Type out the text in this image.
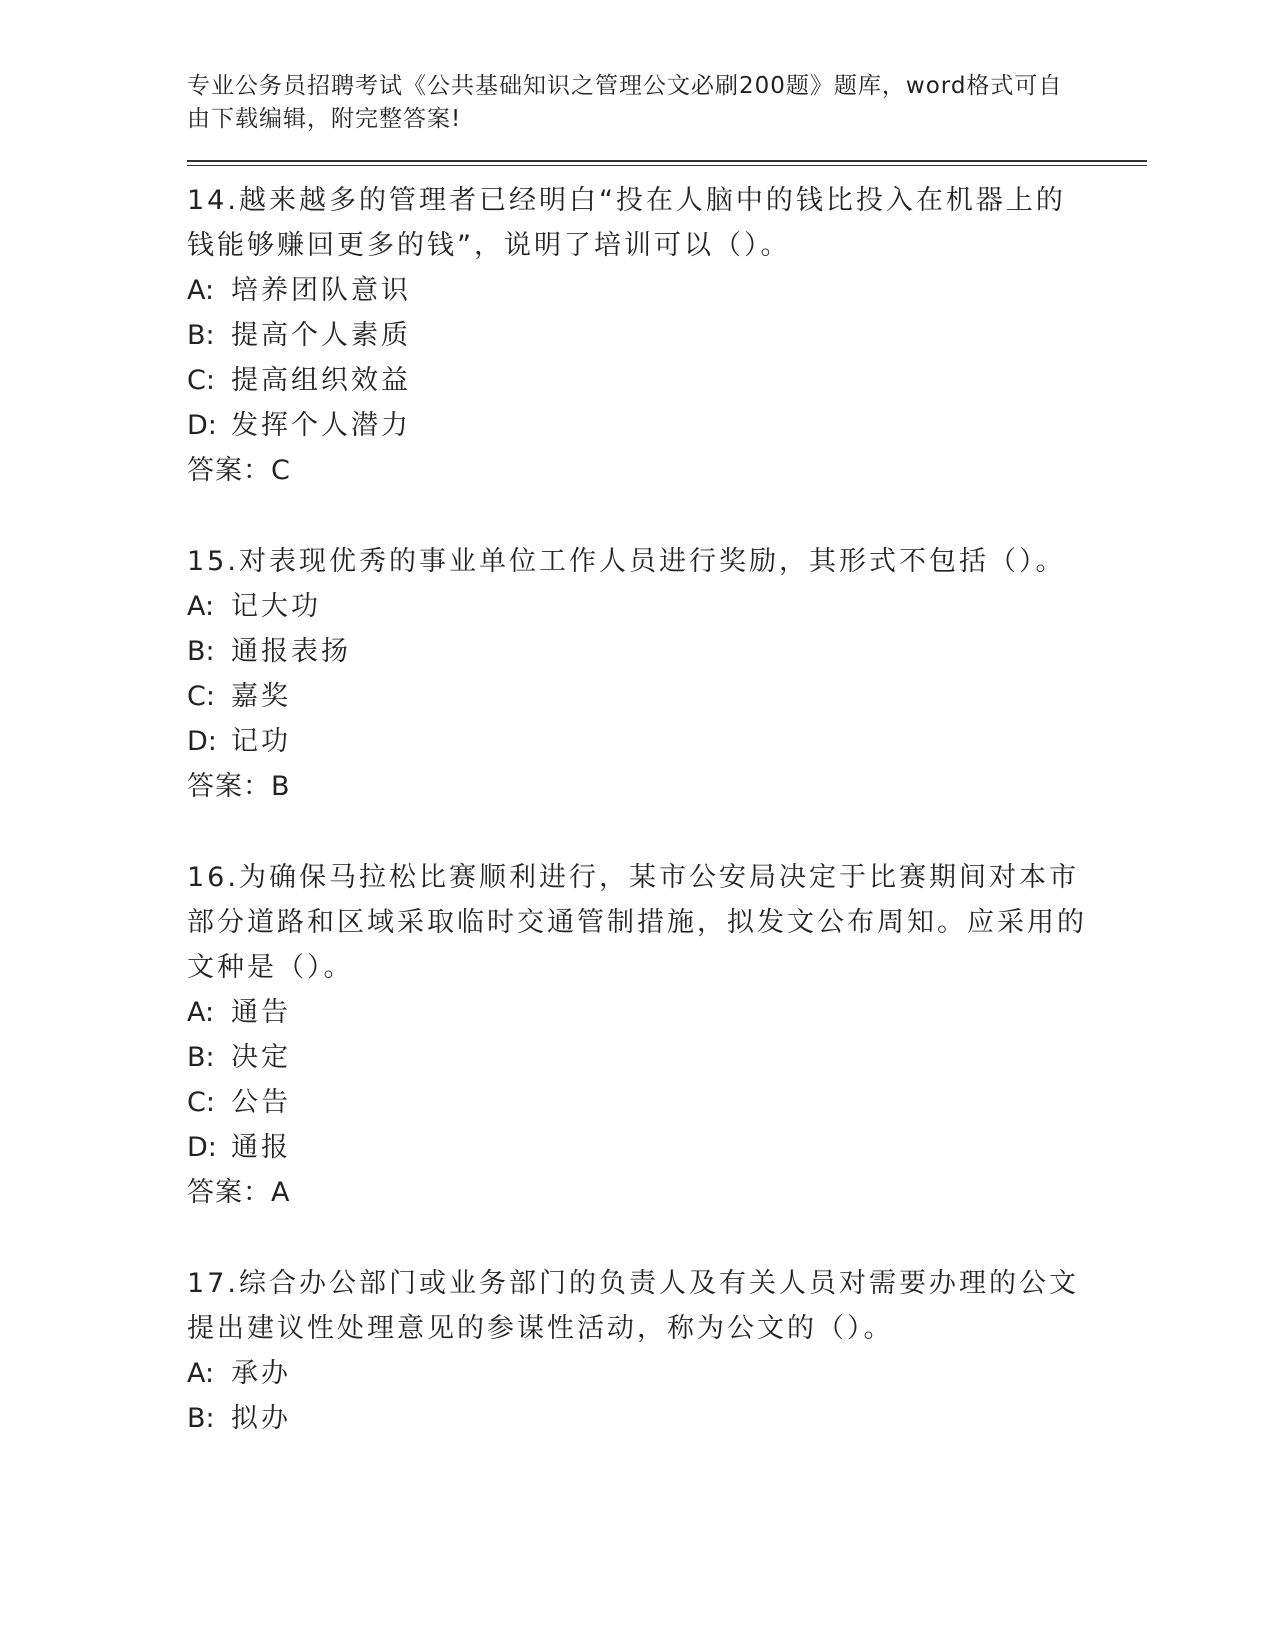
专业公务员招聘考试《公共基础知识之管理公文必刷200题》题库，word格式可自由下载编辑，附完整答案!

14.越来越多的管理者已经明白“投在人脑中的钱比投入在机器上的钱能够赚回更多的钱”，说明了培训可以（）。

A: 培养团队意识

B: 提高个人素质

C: 提高组织效益

D: 发挥个人潜力

答案：C

15.对表现优秀的事业单位工作人员进行奖励，其形式不包括（）。

A: 记大功

B: 通报表扬

C: 嘉奖

D: 记功

答案：B

16.为确保马拉松比赛顺利进行，某市公安局决定于比赛期间对本市部分道路和区域采取临时交通管制措施，拟发文公布周知。应采用的文种是（）。

A: 通告

B: 决定

C: 公告

D: 通报

答案：A

17.综合办公部门或业务部门的负责人及有关人员对需要办理的公文提出建议性处理意见的参谋性活动，称为公文的（）。

A: 承办

B: 拟办
